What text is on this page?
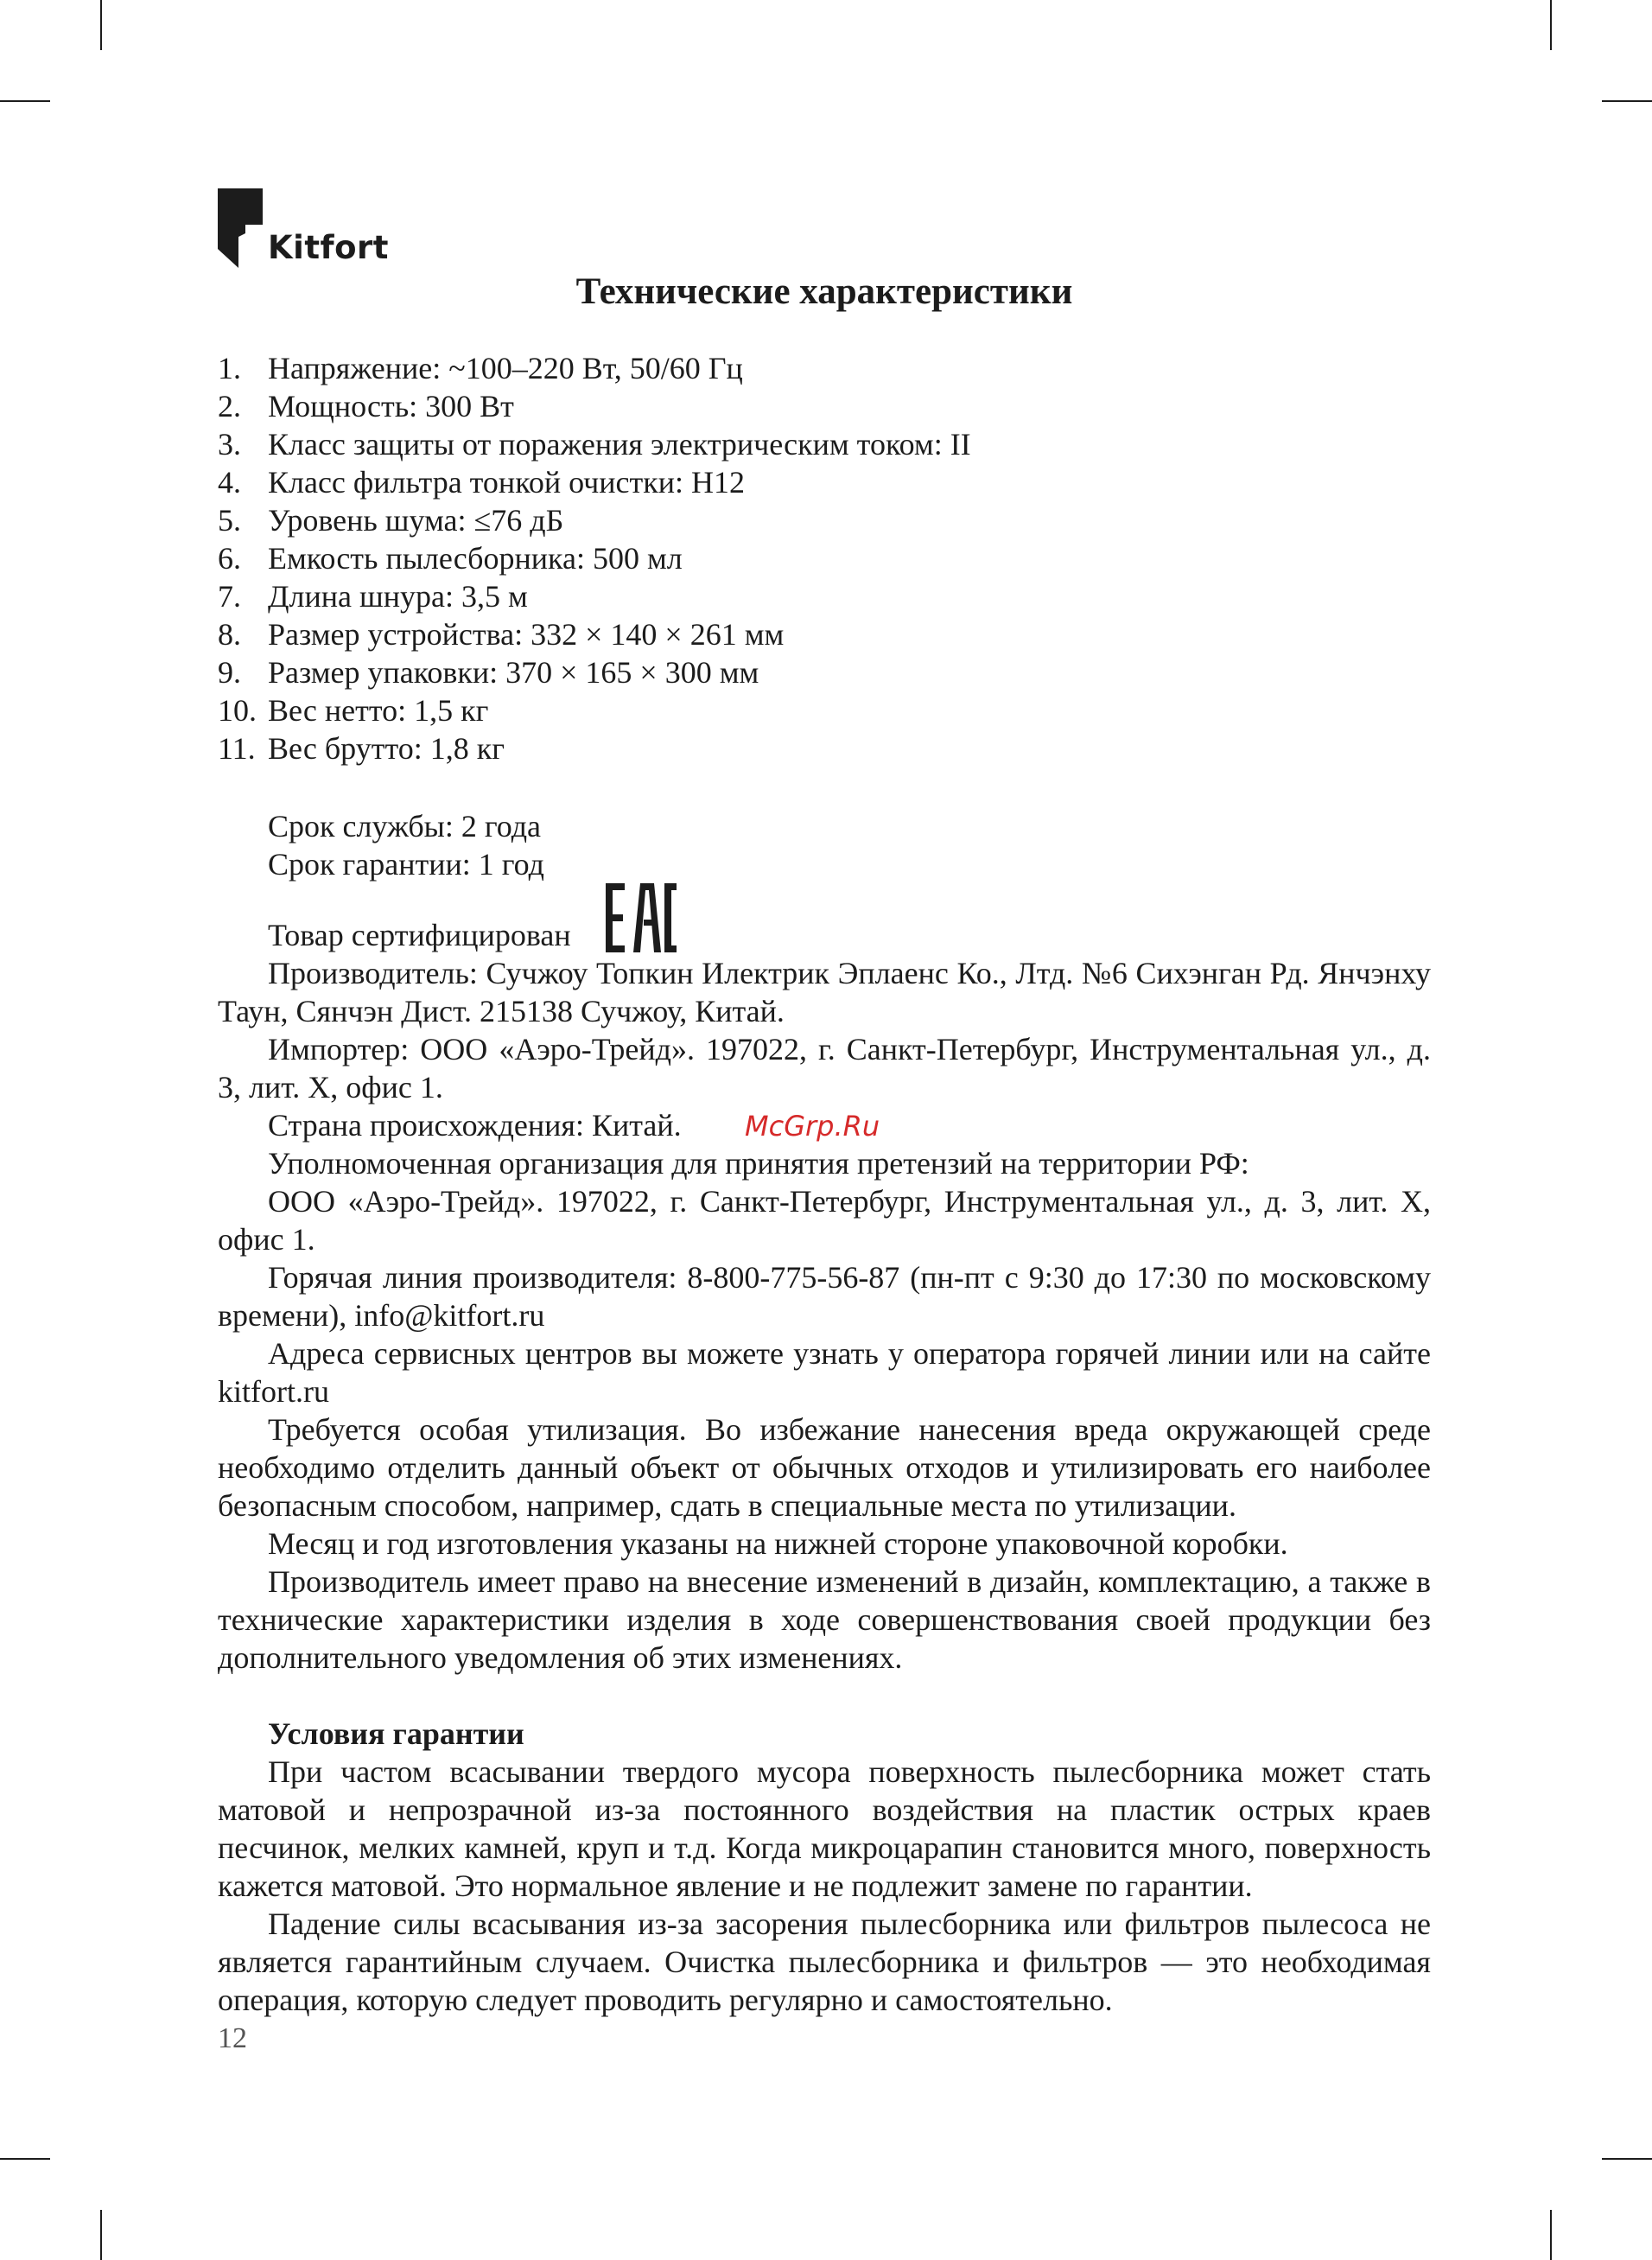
Kitfort
Технические характеристики
1. Напряжение: ~100–220 Вт, 50/60 Гц
2. Мощность: 300 Вт
3. Класс защиты от поражения электрическим током: II
4. Класс фильтра тонкой очистки: H12
5. Уровень шума: ≤76 дБ
6. Емкость пылесборника: 500 мл
7. Длина шнура: 3,5 м
8. Размер устройства: 332 × 140 × 261 мм
9. Размер упаковки: 370 × 165 × 300 мм
10. Вес нетто: 1,5 кг
11. Вес брутто: 1,8 кг
Срок службы: 2 года
Срок гарантии: 1 год
Товар сертифицирован

Производитель: Сучжоу Топкин Илектрик Эплаенс Ко., Лтд. №6 Сихэнган Рд. Янчэнху Таун, Сянчэн Дист. 215138 Сучжоу, Китай.

Импортер: ООО «Аэро-Трейд». 197022, г. Санкт-Петербург, Инструментальная ул., д. 3, лит. Х, офис 1.

Страна происхождения: Китай.

Уполномоченная организация для принятия претензий на территории РФ:

ООО «Аэро-Трейд». 197022, г. Санкт-Петербург, Инструментальная ул., д. 3, лит. Х, офис 1.

Горячая линия производителя: 8-800-775-56-87 (пн-пт с 9:30 до 17:30 по московскому времени), info@kitfort.ru

Адреса сервисных центров вы можете узнать у оператора горячей линии или на сайте kitfort.ru

Требуется особая утилизация. Во избежание нанесения вреда окружающей среде необходимо отделить данный объект от обычных отходов и утилизировать его наиболее безопасным способом, например, сдать в специальные места по утилизации.

Месяц и год изготовления указаны на нижней стороне упаковочной коробки.

Производитель имеет право на внесение изменений в дизайн, комплектацию, а также в технические характеристики изделия в ходе совершенствования своей продукции без дополнительного уведомления об этих изменениях.

Условия гарантии

При частом всасывании твердого мусора поверхность пылесборника может стать матовой и непрозрачной из-за постоянного воздействия на пластик острых краев песчинок, мелких камней, круп и т.д. Когда микроцарапин становится много, поверхность кажется матовой. Это нормальное явление и не подлежит замене по гарантии.

Падение силы всасывания из-за засорения пылесборника или фильтров пылесоса не является гарантийным случаем. Очистка пылесборника и фильтров — это необходимая операция, которую следует проводить регулярно и самостоятельно.

McGrp.Ru
12
